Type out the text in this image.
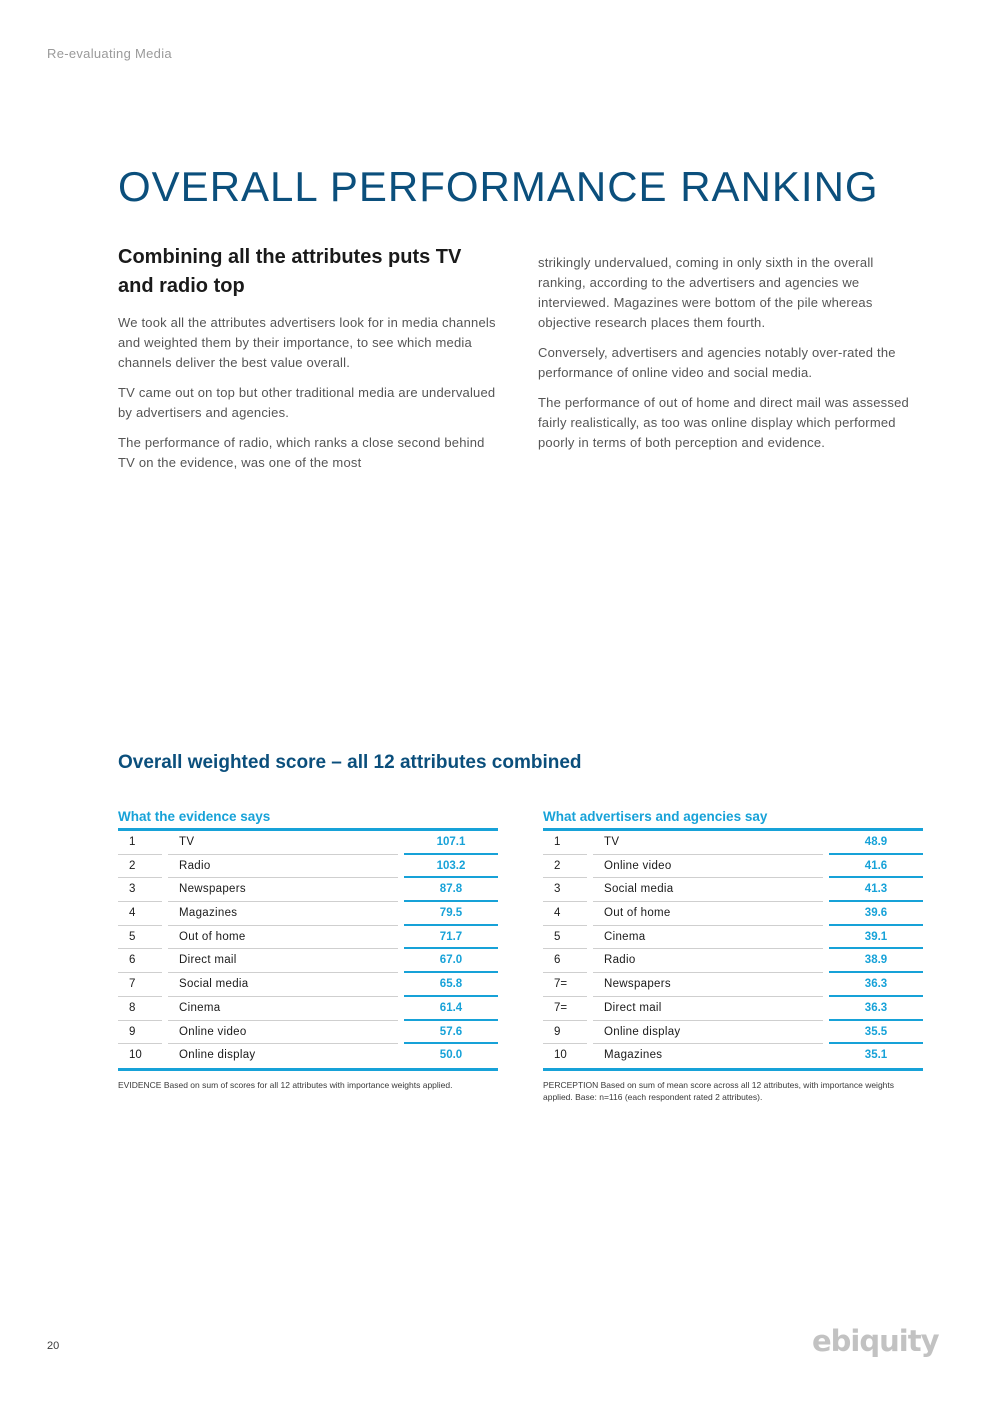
Re-evaluating Media
OVERALL PERFORMANCE RANKING
Combining all the attributes puts TV and radio top

We took all the attributes advertisers look for in media channels and weighted them by their importance, to see which media channels deliver the best value overall.

TV came out on top but other traditional media are undervalued by advertisers and agencies.

The performance of radio, which ranks a close second behind TV on the evidence, was one of the most

strikingly undervalued, coming in only sixth in the overall ranking, according to the advertisers and agencies we interviewed. Magazines were bottom of the pile whereas objective research places them fourth.

Conversely, advertisers and agencies notably over-rated the performance of online video and social media.

The performance of out of home and direct mail was assessed fairly realistically, as too was online display which performed poorly in terms of both perception and evidence.

Overall weighted score – all 12 attributes combined
What the evidence says
1	TV	107.1
2	Radio	103.2
3	Newspapers	87.8
4	Magazines	79.5
5	Out of home	71.7
6	Direct mail	67.0
7	Social media	65.8
8	Cinema	61.4
9	Online video	57.6
10	Online display	50.0
What advertisers and agencies say
1	TV	48.9
2	Online video	41.6
3	Social media	41.3
4	Out of home	39.6
5	Cinema	39.1
6	Radio	38.9
7=	Newspapers	36.3
7=	Direct mail	36.3
9	Online display	35.5
10	Magazines	35.1
EVIDENCE Based on sum of scores for all 12 attributes with importance weights applied.	PERCEPTION Based on sum of mean score across all 12 attributes, with importance weights applied. Base: n=116 (each respondent rated 2 attributes).
20	ebiquity
